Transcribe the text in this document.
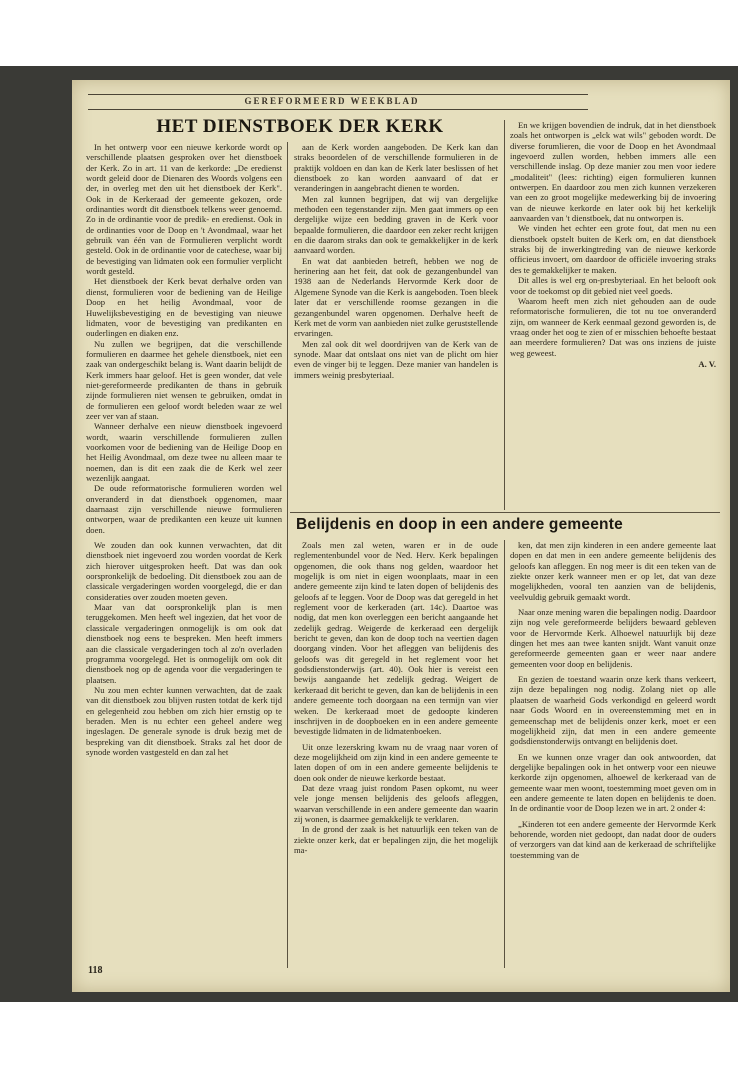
GEREFORMEERD WEEKBLAD
HET DIENSTBOEK DER KERK

In het ontwerp voor een nieuwe kerkorde wordt op verschillende plaatsen gesproken over het dienstboek der Kerk. Zo in art. 11 van de kerkorde: „De eredienst wordt geleid door de Dienaren des Woords volgens een der, in overleg met den uit het dienstboek der Kerk". Ook in de Kerkeraad der gemeente gekozen, orde ordinanties wordt dit dienstboek telkens weer genoemd. Zo in de ordinantie voor de predik- en eredienst. Ook in de ordinanties voor de Doop en 't Avondmaal, waar het gebruik van één van de Formulieren verplicht wordt gesteld. Ook in de ordinantie voor de catechese, waar bij de bevestiging van lidmaten ook een formulier verplicht wordt gesteld.

Het dienstboek der Kerk bevat derhalve orden van dienst, formulieren voor de bediening van de Heilige Doop en het heilig Avondmaal, voor de Huwelijksbevestiging en de bevestiging van nieuwe lidmaten, voor de bevestiging van predikanten en ouderlingen en diaken enz.

Nu zullen we begrijpen, dat die verschillende formulieren en daarmee het gehele dienstboek, niet een zaak van ondergeschikt belang is. Want daarin belijdt de Kerk immers haar geloof. Het is geen wonder, dat vele niet-gereformeerde predikanten de thans in gebruik zijnde formulieren niet wensen te gebruiken, omdat in de formulieren een geloof wordt beleden waar ze wel zeer ver van af staan.

Wanneer derhalve een nieuw dienstboek ingevoerd wordt, waarin verschillende formulieren zullen voorkomen voor de bediening van de Heilige Doop en het Heilig Avondmaal, om deze twee nu alleen maar te noemen, dan is dit een zaak die de Kerk wel zeer wezenlijk aangaat.

De oude reformatorische formulieren worden wel onveranderd in dat dienstboek opgenomen, maar daarnaast zijn verschillende nieuwe formulieren ontworpen, waar de predikanten een keuze uit kunnen doen.

We zouden dan ook kunnen verwachten, dat dit dienstboek niet ingevoerd zou worden voordat de Kerk zich hierover uitgesproken heeft. Dat was dan ook oorspronkelijk de bedoeling. Dit dienstboek zou aan de classicale vergaderingen worden voorgelegd, die er dan consideraties over zouden moeten geven.

Maar van dat oorspronkelijk plan is men teruggekomen. Men heeft wel ingezien, dat het voor de classicale vergaderingen onmogelijk is om ook dat dienstboek nog eens te bespreken. Men heeft immers aan die classicale vergaderingen toch al zo'n overladen programma voorgelegd. Het is onmogelijk om ook dit dienstboek nog op de agenda voor die vergaderingen te plaatsen.

Nu zou men echter kunnen verwachten, dat de zaak van dit dienstboek zou blijven rusten totdat de kerk tijd en gelegenheid zou hebben om zich hier ernstig op te beraden. Men is nu echter een geheel andere weg ingeslagen. De generale synode is druk bezig met de bespreking van dit dienstboek. Straks zal het door de synode worden vastgesteld en dan zal het

aan de Kerk worden aangeboden. De Kerk kan dan straks beoordelen of de verschillende formulieren in de praktijk voldoen en dan kan de Kerk later beslissen of het dienstboek zo kan worden aanvaard of dat er veranderingen in aangebracht dienen te worden.

Men zal kunnen begrijpen, dat wij van dergelijke methoden een tegenstander zijn. Men gaat immers op een dergelijke wijze een bedding graven in de Kerk voor bepaalde formulieren, die daardoor een zeker recht krijgen en die daarom straks dan ook te gemakkelijker in de kerk aanvaard worden.

En wat dat aanbieden betreft, hebben we nog de herinering aan het feit, dat ook de gezangenbundel van 1938 aan de Nederlands Hervormde Kerk door de Algemene Synode van die Kerk is aangeboden. Toen bleek later dat er verschillende roomse gezangen in die gezangenbundel waren opgenomen. Derhalve heeft de Kerk met de vorm van aanbieden niet zulke geruststellende ervaringen.

Men zal ook dit wel doordrijven van de Kerk van de synode. Maar dat ontslaat ons niet van de plicht om hier even de vinger bij te leggen. Deze manier van handelen is immers weinig presbyteriaal.

En we krijgen bovendien de indruk, dat in het dienstboek zoals het ontworpen is „elck wat wils" geboden wordt. De diverse forumlieren, die voor de Doop en het Avondmaal ingevoerd zullen worden, hebben immers alle een verschillende inslag. Op deze manier zou men voor iedere „modaliteit" (lees: richting) eigen formulieren kunnen ontwerpen. En daardoor zou men zich kunnen verzekeren van een zo groot mogelijke medewerking bij de invoering van de nieuwe kerkorde en later ook bij het kerkelijk aanvaarden van 't dienstboek, dat nu ontworpen is.

We vinden het echter een grote fout, dat men nu een dienstboek opstelt buiten de Kerk om, en dat dienstboek straks bij de inwerkingtreding van de nieuwe kerkorde officieus invoert, om daardoor de officiële invoering straks des te gemakkelijker te maken.

Dit alles is wel erg on-presbyteriaal. En het belooft ook voor de toekomst op dit gebied niet veel goeds.

Waarom heeft men zich niet gehouden aan de oude reformatorische formulieren, die tot nu toe onveranderd zijn, om wanneer de Kerk eenmaal gezond geworden is, de vraag onder het oog te zien of er misschien behoefte bestaat aan meerdere formulieren? Dat was ons inziens de juiste weg geweest.

A. V.
Belijdenis en doop in een andere gemeente

Zoals men zal weten, waren er in de oude reglementenbundel voor de Ned. Herv. Kerk bepalingen opgenomen, die ook thans nog gelden, waardoor het mogelijk is om niet in eigen woonplaats, maar in een andere gemeente zijn kind te laten dopen of belijdenis des geloofs af te leggen. Voor de Doop was dat geregeld in het reglement voor de kerkeraden (art. 14c). Daartoe was nodig, dat men kon overleggen een bericht aangaande het zedelijk gedrag. Weigerde de kerkeraad een dergelijk bericht te geven, dan kon de doop toch na veertien dagen doorgang vinden. Voor het afleggen van belijdenis des geloofs was dit geregeld in het reglement voor het godsdienstonderwijs (art. 40). Ook hier is vereist een bewijs aangaande het zedelijk gedrag. Weigert de kerkeraad dit bericht te geven, dan kan de belijdenis in een andere gemeente toch doorgaan na een termijn van vier weken. De kerkeraad moet de gedoopte kinderen inschrijven in de doopboeken en in een andere gemeente bevestigde lidmaten in de lidmatenboeken.

Uit onze lezerskring kwam nu de vraag naar voren of deze mogelijkheid om zijn kind in een andere gemeente te laten dopen of om in een andere gemeente belijdenis te doen ook onder de nieuwe kerkorde bestaat.

Dat deze vraag juist rondom Pasen opkomt, nu weer vele jonge mensen belijdenis des geloofs afleggen, waarvan verschillende in een andere gemeente dan waarin zij wonen, is daarmee gemakkelijk te verklaren.

In de grond der zaak is het natuurlijk een teken van de ziekte onzer kerk, dat er bepalingen zijn, die het mogelijk ma-

ken, dat men zijn kinderen in een andere gemeente laat dopen en dat men in een andere gemeente belijdenis des geloofs kan afleggen. En nog meer is dit een teken van de ziekte onzer kerk wanneer men er op let, dat van deze mogelijkheden, vooral ten aanzien van de belijdenis, veelvuldig gebruik gemaakt wordt.

Naar onze mening waren die bepalingen nodig. Daardoor zijn nog vele gereformeerde belijders bewaard gebleven voor de Hervormde Kerk. Alhoewel natuurlijk bij deze dingen het mes aan twee kanten snijdt. Want vanuit onze gereformeerde gemeenten gaan er weer naar andere gemeenten voor doop en belijdenis.

En gezien de toestand waarin onze kerk thans verkeert, zijn deze bepalingen nog nodig. Zolang niet op alle plaatsen de waarheid Gods verkondigd en geleerd wordt naar Gods Woord en in overeenstemming met en in gemeenschap met de belijdenis onzer kerk, moet er een mogelijkheid zijn, dat men in een andere gemeente godsdienstonderwijs ontvangt en belijdenis doet.

En we kunnen onze vrager dan ook antwoorden, dat dergelijke bepalingen ook in het ontwerp voor een nieuwe kerkorde zijn opgenomen, alhoewel de kerkeraad van de gemeente waar men woont, toestemming moet geven om in een andere gemeente te laten dopen en belijdenis te doen. In de ordinantie voor de Doop lezen we in art. 2 onder 4:

„Kinderen tot een andere gemeente der Hervormde Kerk behorende, worden niet gedoopt, dan nadat door de ouders of verzorgers van dat kind aan de kerkeraad de schriftelijke toestemming van de

118
